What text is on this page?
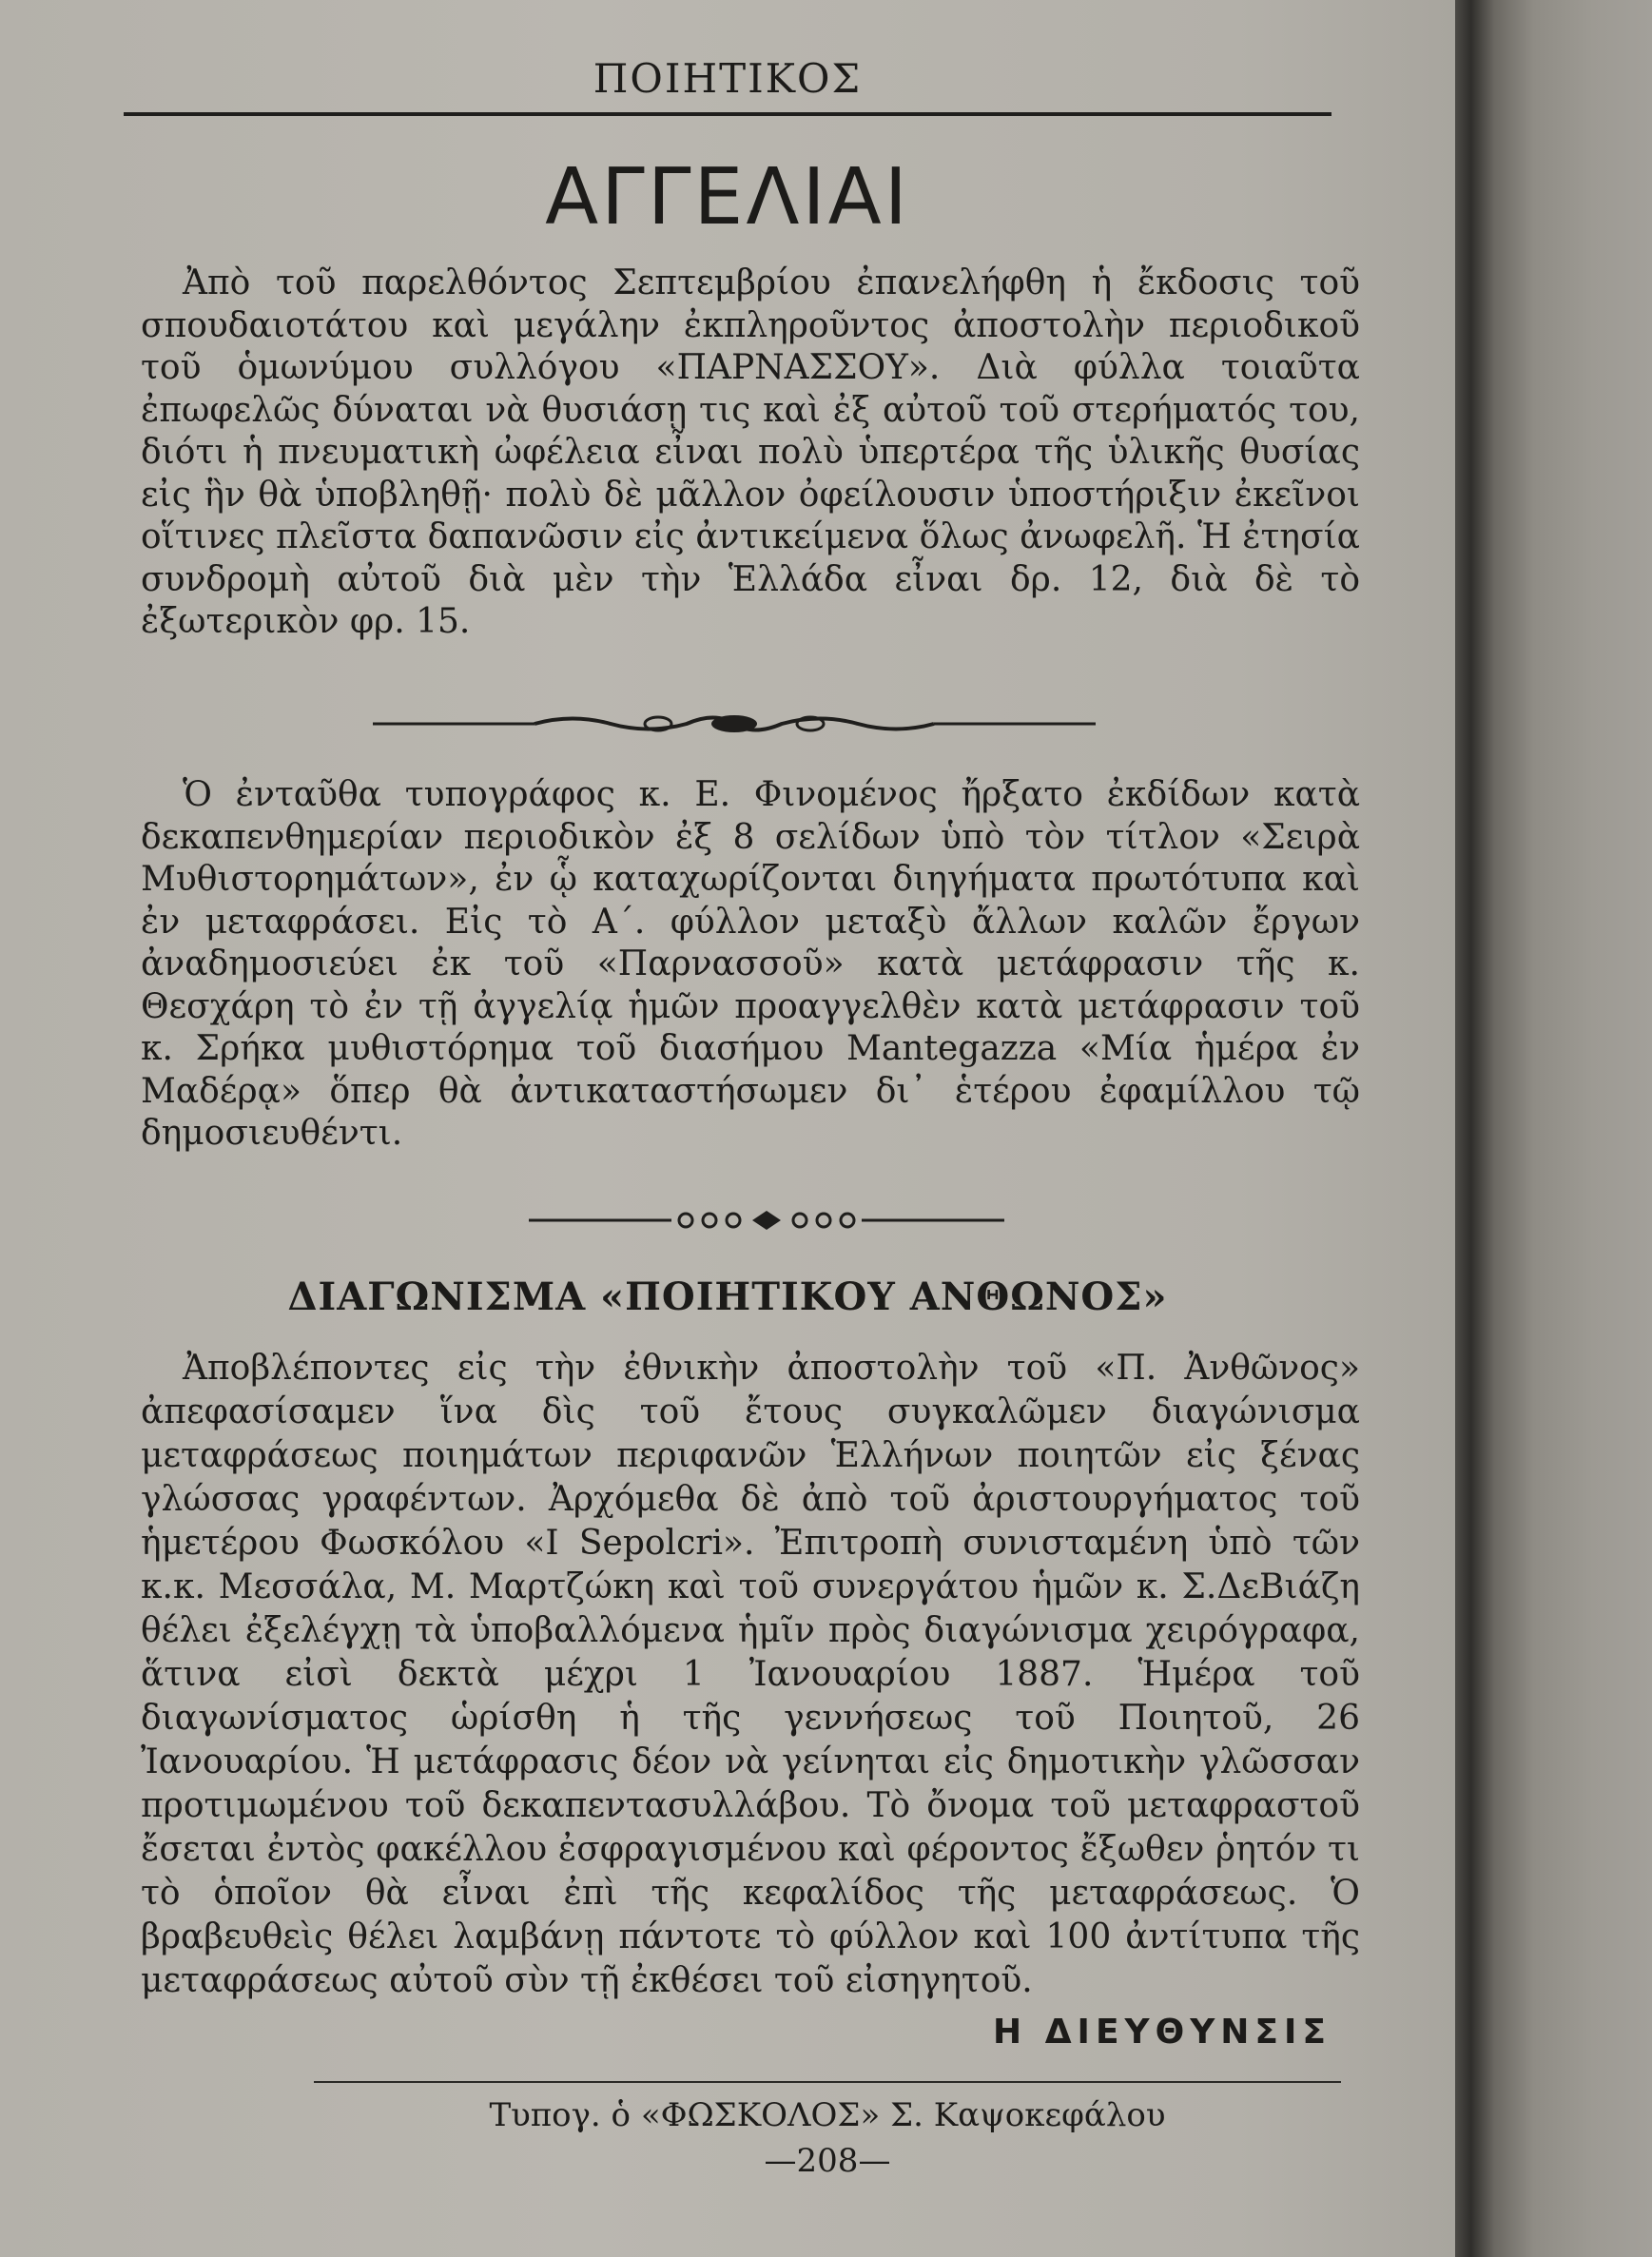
ΠΟΙΗΤΙΚΟΣ
ΑΓΓΕΛΙΑΙ

Ἀπὸ τοῦ παρελθόντος Σεπτεμβρίου ἐπανελήφθη ἡ ἔκδοσις τοῦ σπουδαιοτάτου καὶ μεγάλην ἐκπληροῦντος ἀποστολὴν περιοδικοῦ τοῦ ὁμωνύμου συλλόγου «ΠΑΡΝΑΣΣΟΥ». Διὰ φύλλα τοιαῦτα ἐπωφελῶς δύναται νὰ θυσιάσῃ τις καὶ ἐξ αὐτοῦ τοῦ στερήματός του, διότι ἡ πνευματικὴ ὠφέλεια εἶναι πολὺ ὑπερτέρα τῆς ὑλικῆς θυσίας εἰς ἣν θὰ ὑποβληθῇ· πολὺ δὲ μᾶλλον ὀφείλουσιν ὑποστήριξιν ἐκεῖνοι οἵτινες πλεῖστα δαπανῶσιν εἰς ἀντικείμενα ὅλως ἀνωφελῆ. Ἡ ἐτησία συνδρομὴ αὐτοῦ διὰ μὲν τὴν Ἑλλάδα εἶναι δρ. 12, διὰ δὲ τὸ ἐξωτερικὸν φρ. 15.

Ὁ ἐνταῦθα τυπογράφος κ. Ε. Φινομένος ἤρξατο ἐκδίδων κατὰ δεκαπενθημερίαν περιοδικὸν ἐξ 8 σελίδων ὑπὸ τὸν τίτλον «Σειρὰ Μυθιστορημάτων», ἐν ᾧ καταχωρίζονται διηγήματα πρωτότυπα καὶ ἐν μεταφράσει. Εἰς τὸ Α΄. φύλλον μεταξὺ ἄλλων καλῶν ἔργων ἀναδημοσιεύει ἐκ τοῦ «Παρνασσοῦ» κατὰ μετάφρασιν τῆς κ. Θεσχάρη τὸ ἐν τῇ ἀγγελίᾳ ἡμῶν προαγγελθὲν κατὰ μετάφρασιν τοῦ κ. Σρήκα μυθιστόρημα τοῦ διασήμου Mantegazza «Μία ἡμέρα ἐν Μαδέρᾳ» ὅπερ θὰ ἀντικαταστήσωμεν δι᾽ ἑτέρου ἐφαμίλλου τῷ δημοσιευθέντι.

ΔΙΑΓΩΝΙΣΜΑ «ΠΟΙΗΤΙΚΟΥ ΑΝΘΩΝΟΣ»

Ἀποβλέποντες εἰς τὴν ἐθνικὴν ἀποστολὴν τοῦ «Π. Ἀνθῶνος» ἀπεφασίσαμεν ἵνα δὶς τοῦ ἔτους συγκαλῶμεν διαγώνισμα μεταφράσεως ποιημάτων περιφανῶν Ἑλλήνων ποιητῶν εἰς ξένας γλώσσας γραφέντων. Ἀρχόμεθα δὲ ἀπὸ τοῦ ἀριστουργήματος τοῦ ἡμετέρου Φωσκόλου «I Sepolcri». Ἐπιτροπὴ συνισταμένη ὑπὸ τῶν κ.κ. Μεσσάλα, Μ. Μαρτζώκη καὶ τοῦ συνεργάτου ἡμῶν κ. Σ.ΔεΒιάζη θέλει ἐξελέγχῃ τὰ ὑποβαλλόμενα ἡμῖν πρὸς διαγώνισμα χειρόγραφα, ἅτινα εἰσὶ δεκτὰ μέχρι 1 Ἰανουαρίου 1887. Ἡμέρα τοῦ διαγωνίσματος ὡρίσθη ἡ τῆς γεννήσεως τοῦ Ποιητοῦ, 26 Ἰανουαρίου. Ἡ μετάφρασις δέον νὰ γείνηται εἰς δημοτικὴν γλῶσσαν προτιμωμένου τοῦ δεκαπεντασυλλάβου. Τὸ ὄνομα τοῦ μεταφραστοῦ ἔσεται ἐντὸς φακέλλου ἐσφραγισμένου καὶ φέροντος ἔξωθεν ῥητόν τι τὸ ὁποῖον θὰ εἶναι ἐπὶ τῆς κεφαλίδος τῆς μεταφράσεως. Ὁ βραβευθεὶς θέλει λαμβάνῃ πάντοτε τὸ φύλλον καὶ 100 ἀντίτυπα τῆς μεταφράσεως αὐτοῦ σὺν τῇ ἐκθέσει τοῦ εἰσηγητοῦ.

Η ΔΙΕΥΘΥΝΣΙΣ
Τυπογ. ὁ «ΦΩΣΚΟΛΟΣ» Σ. Καψοκεφάλου
—208—
